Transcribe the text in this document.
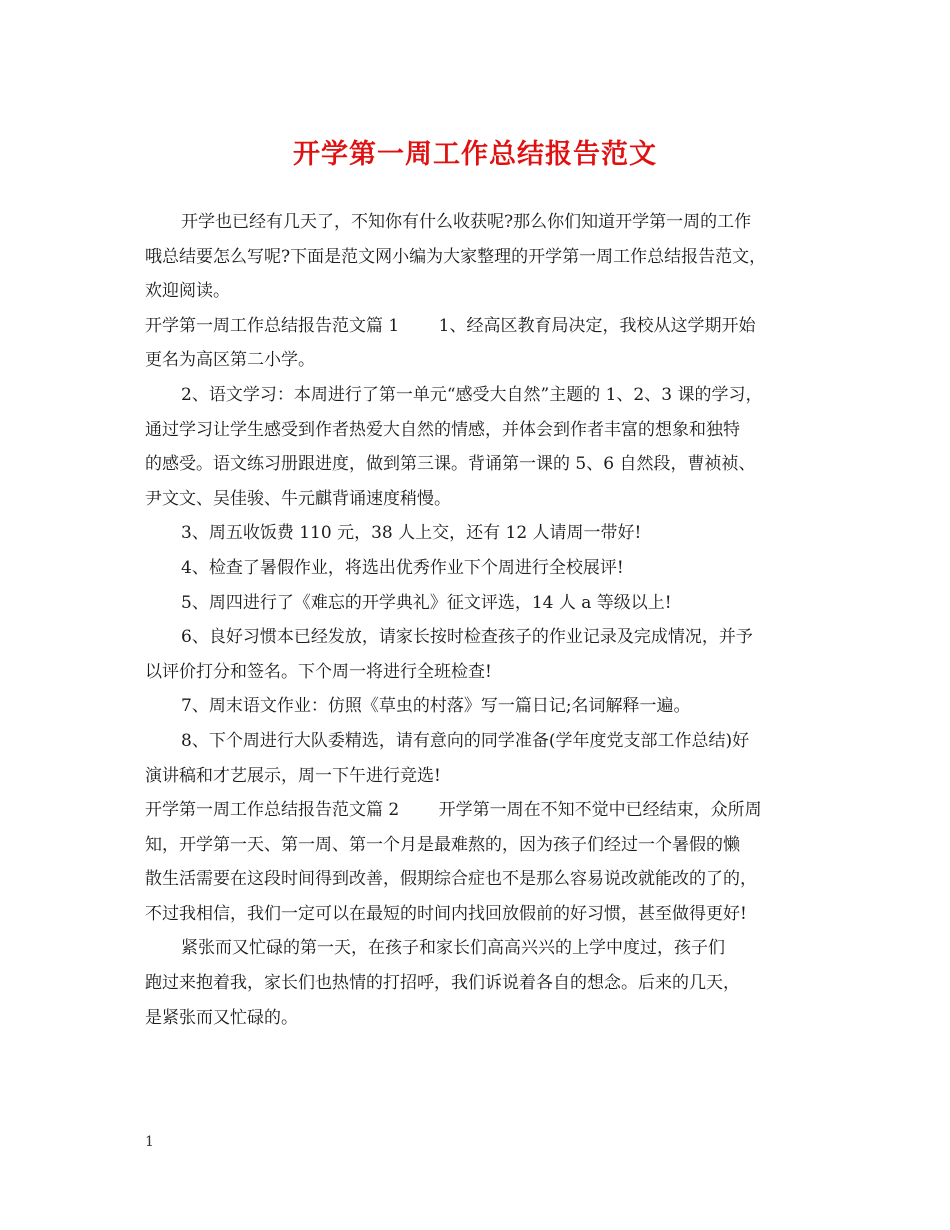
开学第一周工作总结报告范文
开学也已经有几天了，不知你有什么收获呢?那么你们知道开学第一周的工作
哦总结要怎么写呢?下面是范文网小编为大家整理的开学第一周工作总结报告范文，
欢迎阅读。
开学第一周工作总结报告范文篇 1　　 1、经高区教育局决定，我校从这学期开始
更名为高区第二小学。
2、语文学习：本周进行了第一单元“感受大自然”主题的 1、2、3 课的学习，
通过学习让学生感受到作者热爱大自然的情感，并体会到作者丰富的想象和独特
的感受。语文练习册跟进度，做到第三课。背诵第一课的 5、6 自然段，曹祯祯、
尹文文、吴佳骏、牛元麒背诵速度稍慢。
3、周五收饭费 110 元，38 人上交，还有 12 人请周一带好!
4、检查了暑假作业，将选出优秀作业下个周进行全校展评!
5、周四进行了《难忘的开学典礼》征文评选，14 人 a 等级以上!
6、良好习惯本已经发放，请家长按时检查孩子的作业记录及完成情况，并予
以评价打分和签名。下个周一将进行全班检查!
7、周末语文作业：仿照《草虫的村落》写一篇日记;名词解释一遍。
8、下个周进行大队委精选，请有意向的同学准备(学年度党支部工作总结)好
演讲稿和才艺展示，周一下午进行竞选!
开学第一周工作总结报告范文篇 2　　 开学第一周在不知不觉中已经结束，众所周
知，开学第一天、第一周、第一个月是最难熬的，因为孩子们经过一个暑假的懒
散生活需要在这段时间得到改善，假期综合症也不是那么容易说改就能改的了的，
不过我相信，我们一定可以在最短的时间内找回放假前的好习惯，甚至做得更好!
紧张而又忙碌的第一天，在孩子和家长们高高兴兴的上学中度过，孩子们
跑过来抱着我，家长们也热情的打招呼，我们诉说着各自的想念。后来的几天，
是紧张而又忙碌的。
1
